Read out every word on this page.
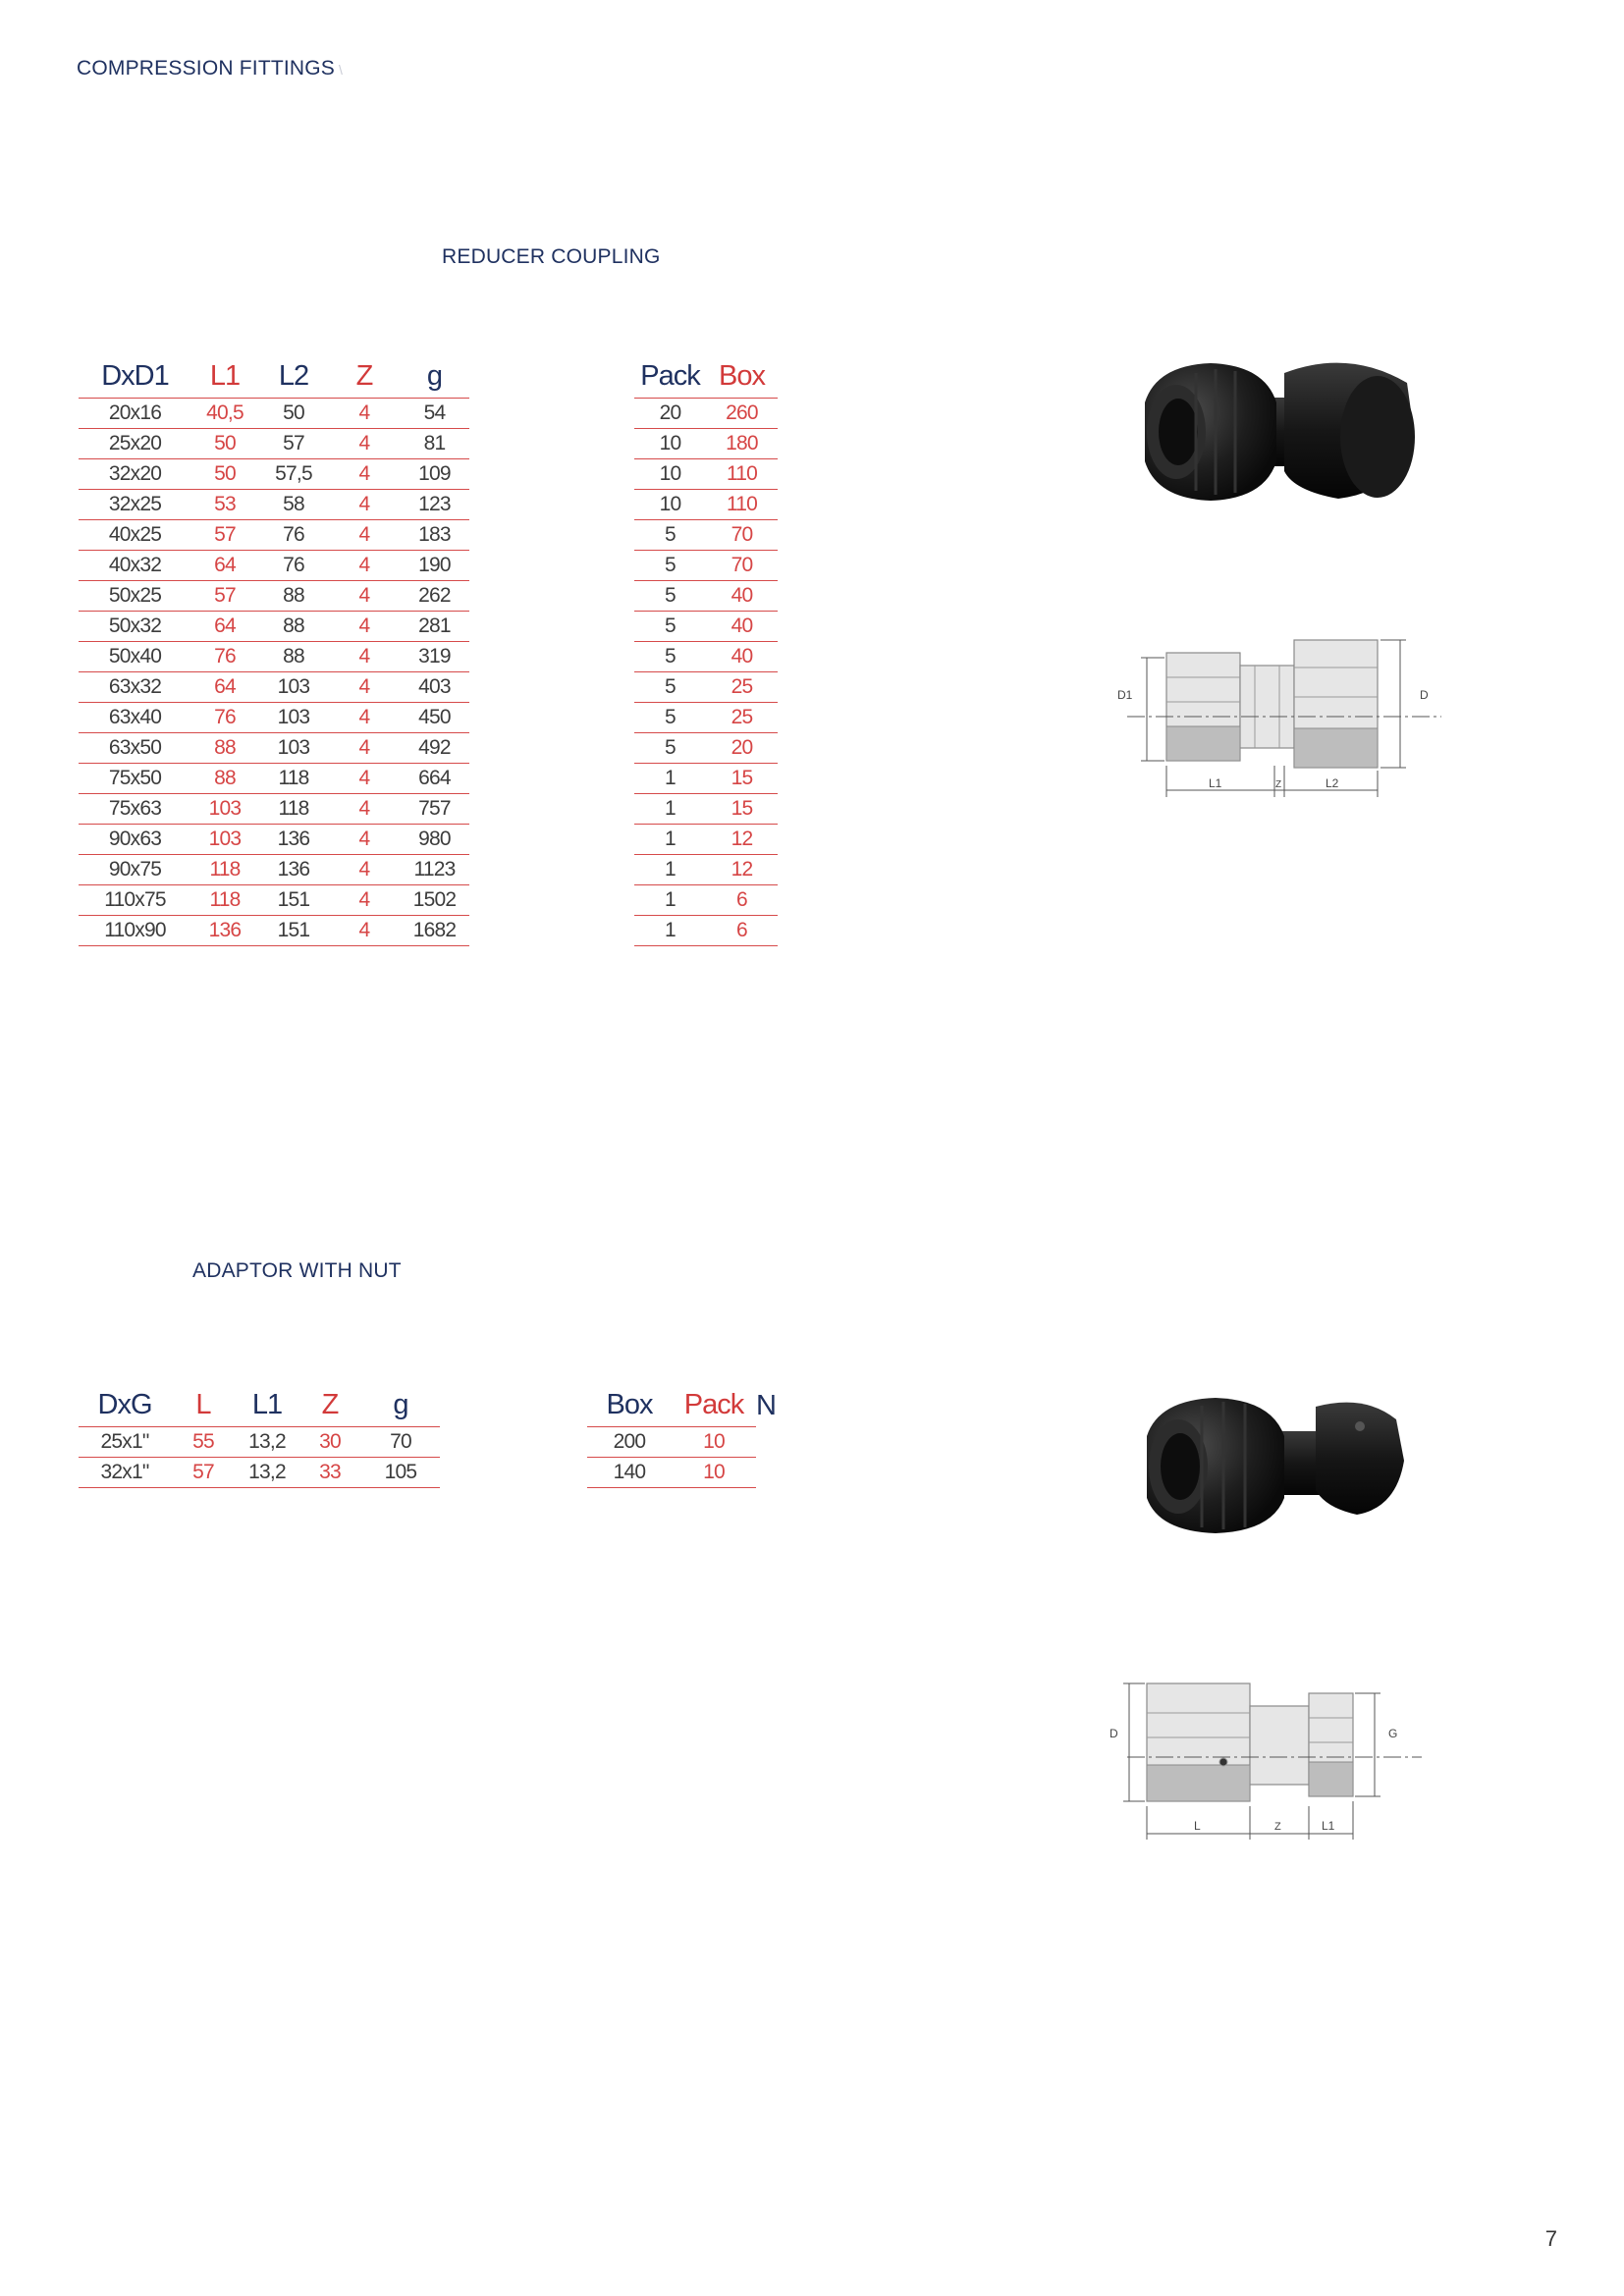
COMPRESSION FITTINGS \
REDUCER COUPLING
DxD1	L1	L2	Z	g
20x16	40,5	50	4	54
25x20	50	57	4	81
32x20	50	57,5	4	109
32x25	53	58	4	123
40x25	57	76	4	183
40x32	64	76	4	190
50x25	57	88	4	262
50x32	64	88	4	281
50x40	76	88	4	319
63x32	64	103	4	403
63x40	76	103	4	450
63x50	88	103	4	492
75x50	88	118	4	664
75x63	103	118	4	757
90x63	103	136	4	980
90x75	118	136	4	1123
110x75	118	151	4	1502
110x90	136	151	4	1682
Pack	Box
20	260
10	180
10	110
10	110
5	70
5	70
5	40
5	40
5	40
5	25
5	25
5	20
1	15
1	15
1	12
1	12
1	6
1	6
D1	D
L1	Z	L2
ADAPTOR WITH NUT
DxG	L	L1	Z	g
25x1"	55	13,2	30	70
32x1"	57	13,2	33	105
Box	Pack	N
200	10	
140	10	
D	G
L	Z	L1
7
